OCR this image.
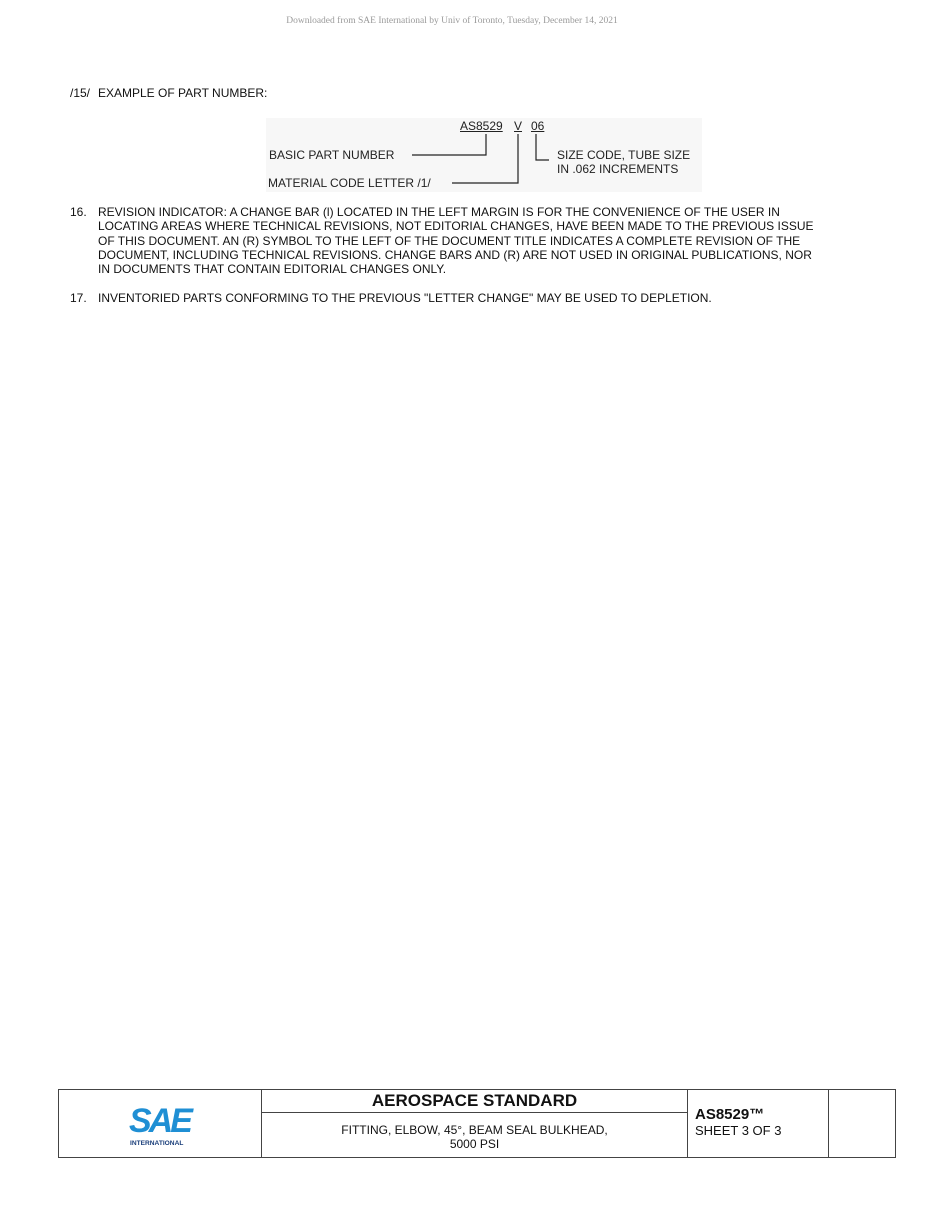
Downloaded from SAE International by Univ of Toronto, Tuesday, December 14, 2021
/15/ EXAMPLE OF PART NUMBER:
AS8529 V 06
BASIC PART NUMBER
MATERIAL CODE LETTER /1/
SIZE CODE, TUBE SIZE
IN .062 INCREMENTS
16. REVISION INDICATOR: A CHANGE BAR (l) LOCATED IN THE LEFT MARGIN IS FOR THE CONVENIENCE OF THE USER IN
LOCATING AREAS WHERE TECHNICAL REVISIONS, NOT EDITORIAL CHANGES, HAVE BEEN MADE TO THE PREVIOUS ISSUE
OF THIS DOCUMENT. AN (R) SYMBOL TO THE LEFT OF THE DOCUMENT TITLE INDICATES A COMPLETE REVISION OF THE
DOCUMENT, INCLUDING TECHNICAL REVISIONS. CHANGE BARS AND (R) ARE NOT USED IN ORIGINAL PUBLICATIONS, NOR
IN DOCUMENTS THAT CONTAIN EDITORIAL CHANGES ONLY.
17. INVENTORIED PARTS CONFORMING TO THE PREVIOUS "LETTER CHANGE" MAY BE USED TO DEPLETION.
SAE
INTERNATIONAL
AEROSPACE STANDARD
FITTING, ELBOW, 45°, BEAM SEAL BULKHEAD,
5000 PSI
AS8529™
SHEET 3 OF 3
